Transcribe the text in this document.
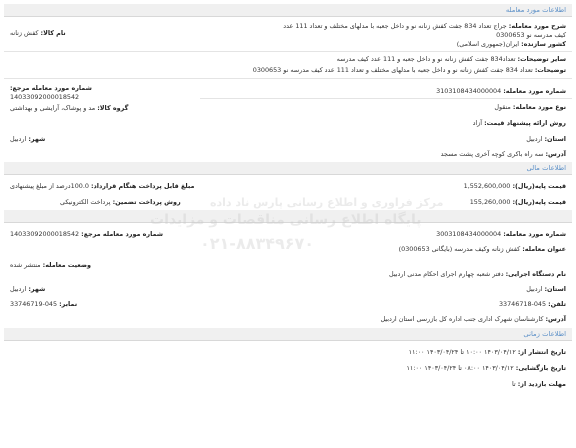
اطلاعات مورد معامله
شرح مورد معامله: جراج تعداد 834 جفت کفش زنانه نو و داخل جعبه با مدلهای مختلف و تعداد 111 عدد
کیف مدرسه نو 0300653
کشور سازنده: ایران(جمهوری اسلامی)
نام کالا: کفش زنانه
سایر توضیحات: تعداد834 جفت کفش زنانه نو و داخل جعبه و 111 عدد کیف مدرسه
توضیحات: تعداد 834 جفت کفش زنانه نو و داخل جعبه با مدلهای مختلف و تعداد 111 عدد کیف مدرسه نو 0300653
شماره مورد معامله مرجع:
14033092000018542
گروه کالا: مد و پوشاک، آرایشی و بهداشتی
شماره مورد معامله: 3103108434000004
نوع مورد معامله: منقول
روش ارائه پیشنهاد قیمت: آزاد
استان: اردبیل
شهر: اردبیل
آدرس: سه راه باکری کوچه آخری پشت مسجد
اطلاعات مالی
قیمت پایه(ریال): 1,552,600,000
مبلغ قابل پرداخت هنگام قرارداد: 100.0درصد از مبلغ پیشنهادی
قیمت پایه(ریال): 155,260,000
روش پرداخت تضمین: پرداخت الکترونیکی
شماره مورد معامله: 3003108434000004
شماره مورد معامله مرجع: 14033092000018542
عنوان معامله: کفش زنانه وکیف مدرسه (بایگانی 0300653)
وضعیت معامله: منتشر شده
نام دستگاه اجرایی: دفتر شعبه چهارم اجرای احکام مدنی اردبیل
استان: اردبیل
شهر: اردبیل
تلفن: 045-33746718
نمابر: 045-33746719
آدرس: کارشناسان شهرک اداری جنب اداره کل بازرسی استان اردبیل
اطلاعات زمانی
تاریخ انتشار از: ۱۴۰۳/۰۴/۱۲ ۱۰:۰۰ تا ۱۴۰۳/۰۴/۲۴ ۱۱:۰۰
تاریخ بازگشایی: ۱۴۰۳/۰۴/۱۲ ۰۸:۰۰ تا ۱۴۰۳/۰۴/۲۴ ۱۱:۰۰
مهلت بازدید از: تا
پایگاه اطلاع رسانی مناقصات و مزایدات
۰۲۱-۸۸۳۴۹۶۷۰
مرکز فراوری و اطلاع رسانی پارس ناد داده
